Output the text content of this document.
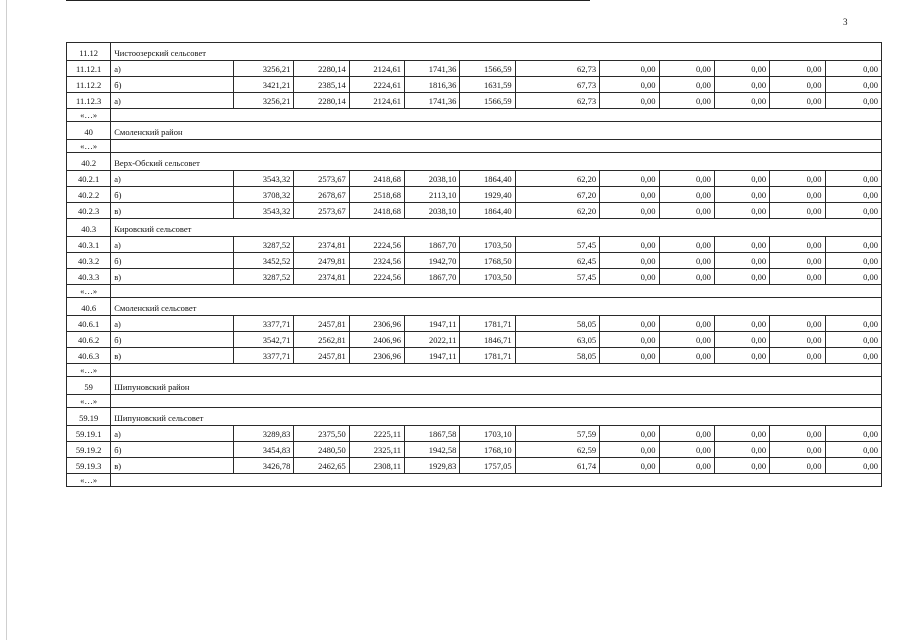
3
11.12	Чистоозерский сельсовет											
11.12.1	а)	3256,21	2280,14	2124,61	1741,36	1566,59	62,73	0,00	0,00	0,00	0,00	0,00
11.12.2	б)	3421,21	2385,14	2224,61	1816,36	1631,59	67,73	0,00	0,00	0,00	0,00	0,00
11.12.3	а)	3256,21	2280,14	2124,61	1741,36	1566,59	62,73	0,00	0,00	0,00	0,00	0,00
«…»												
40	Смоленский район											
«…»												
40.2	Верх-Обский сельсовет											
40.2.1	а)	3543,32	2573,67	2418,68	2038,10	1864,40	62,20	0,00	0,00	0,00	0,00	0,00
40.2.2	б)	3708,32	2678,67	2518,68	2113,10	1929,40	67,20	0,00	0,00	0,00	0,00	0,00
40.2.3	в)	3543,32	2573,67	2418,68	2038,10	1864,40	62,20	0,00	0,00	0,00	0,00	0,00
40.3	Кировский сельсовет											
40.3.1	а)	3287,52	2374,81	2224,56	1867,70	1703,50	57,45	0,00	0,00	0,00	0,00	0,00
40.3.2	б)	3452,52	2479,81	2324,56	1942,70	1768,50	62,45	0,00	0,00	0,00	0,00	0,00
40.3.3	в)	3287,52	2374,81	2224,56	1867,70	1703,50	57,45	0,00	0,00	0,00	0,00	0,00
«…»												
40.6	Смоленский сельсовет											
40.6.1	а)	3377,71	2457,81	2306,96	1947,11	1781,71	58,05	0,00	0,00	0,00	0,00	0,00
40.6.2	б)	3542,71	2562,81	2406,96	2022,11	1846,71	63,05	0,00	0,00	0,00	0,00	0,00
40.6.3	в)	3377,71	2457,81	2306,96	1947,11	1781,71	58,05	0,00	0,00	0,00	0,00	0,00
«…»												
59	Шипуновский район											
«…»												
59.19	Шипуновский сельсовет											
59.19.1	а)	3289,83	2375,50	2225,11	1867,58	1703,10	57,59	0,00	0,00	0,00	0,00	0,00
59.19.2	б)	3454,83	2480,50	2325,11	1942,58	1768,10	62,59	0,00	0,00	0,00	0,00	0,00
59.19.3	в)	3426,78	2462,65	2308,11	1929,83	1757,05	61,74	0,00	0,00	0,00	0,00	0,00
«…»												
